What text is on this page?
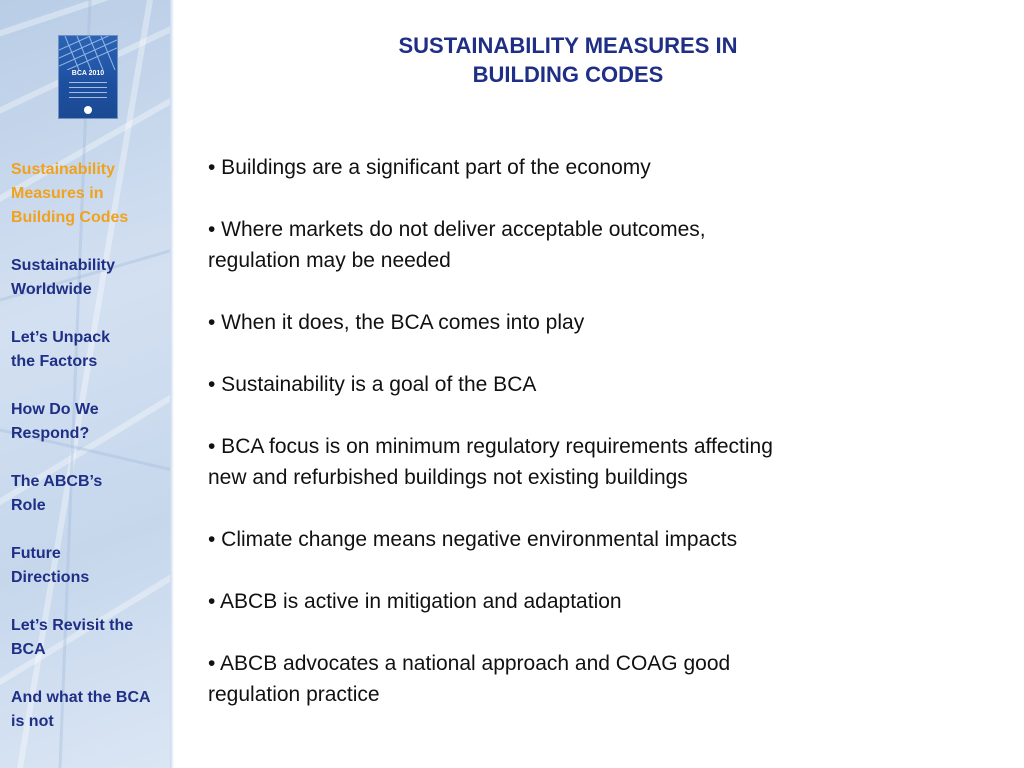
BCA 2010
Sustainability
Measures in
Building Codes
Sustainability
Worldwide
Let’s Unpack
the Factors
How Do We
Respond?
The ABCB’s
Role
Future
Directions
Let’s Revisit the
BCA
And what the BCA
is not
SUSTAINABILITY MEASURES IN
BUILDING CODES
• Buildings are a significant part of the economy
• Where markets do not deliver acceptable outcomes,
regulation may be needed
• When it does, the BCA comes into play
• Sustainability is a goal of the BCA
• BCA focus is on minimum regulatory requirements affecting
new and refurbished buildings not existing buildings
• Climate change means negative environmental impacts
• ABCB is active in mitigation and adaptation
• ABCB advocates a national approach and COAG good
regulation practice
